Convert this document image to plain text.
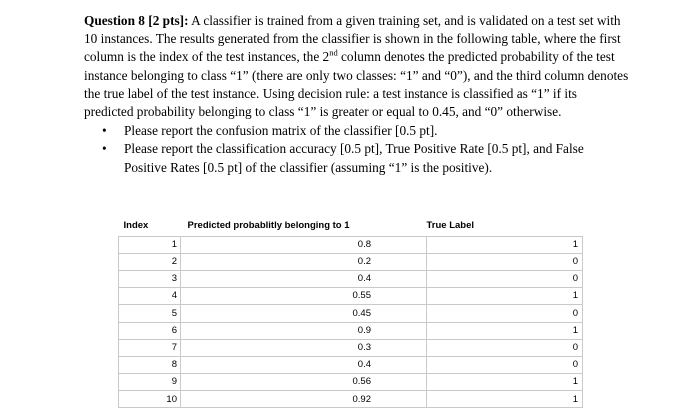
Question 8 [2 pts]: A classifier is trained from a given training set, and is validated on a test set with 10 instances. The results generated from the classifier is shown in the following table, where the first column is the index of the test instances, the 2nd column denotes the predicted probability of the test instance belonging to class “1” (there are only two classes: “1” and “0”), and the third column denotes the true label of the test instance. Using decision rule: a test instance is classified as “1” if its predicted probability belonging to class “1” is greater or equal to 0.45, and “0” otherwise.

• Please report the confusion matrix of the classifier [0.5 pt].
• Please report the classification accuracy [0.5 pt], True Positive Rate [0.5 pt], and False Positive Rates [0.5 pt] of the classifier (assuming “1” is the positive).
Index	Predicted probablitly belonging to 1	True Label
1	0.8	1
2	0.2	0
3	0.4	0
4	0.55	1
5	0.45	0
6	0.9	1
7	0.3	0
8	0.4	0
9	0.56	1
10	0.92	1
